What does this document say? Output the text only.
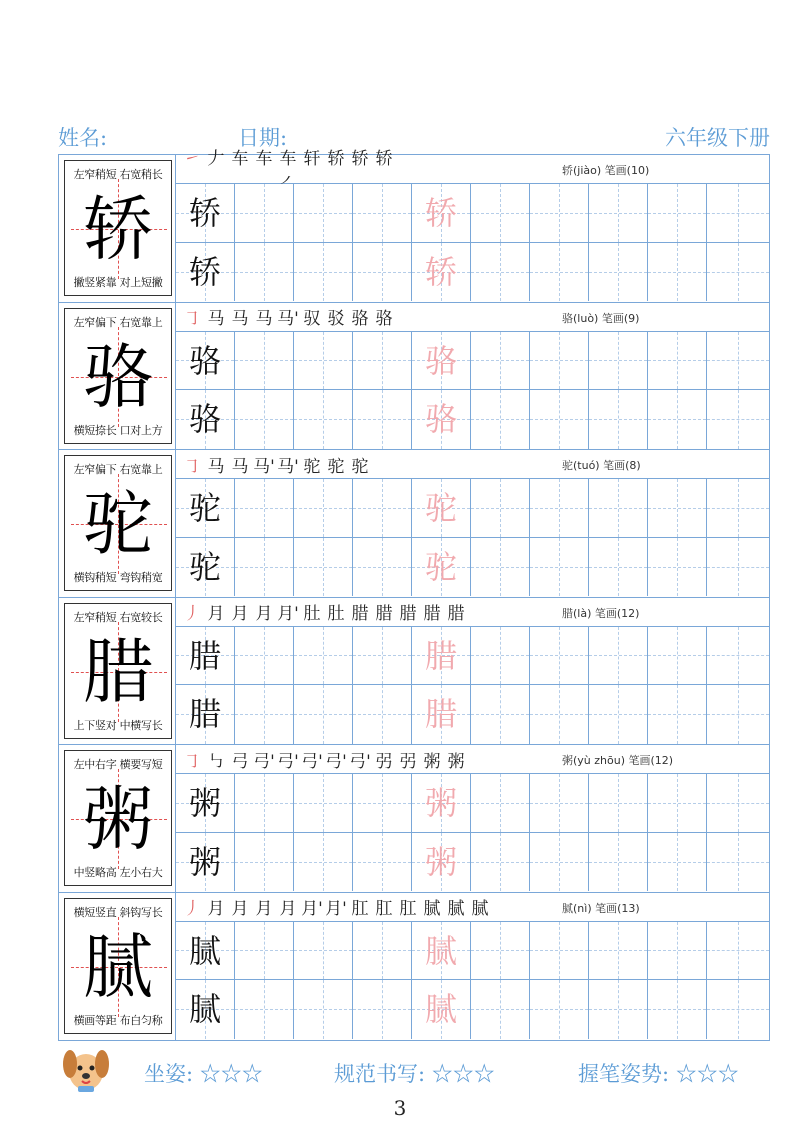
姓名:	日期:	六年级下册
左窄稍短 右宽稍长
轿
撇竖紧靠 对上短撇
㇀ 𠂇 车 车 车㇒
轩 轿 轿 轿
轿(jiào) 笔画(10)
轿	轿
轿	轿
左窄偏下 右宽靠上
骆
横短捺长 口对上方
㇆ 马 马 马 马' 驭 驳 骆 骆	骆(luò) 笔画(9)
骆	骆
骆	骆
左窄偏下 右宽靠上
驼
横钩稍短 弯钩稍宽
㇆ 马 马 马' 马' 驼 驼 驼	驼(tuó) 笔画(8)
驼	驼
驼	驼
左窄稍短 右宽较长
腊
上下竖对 中横写长
丿 月 月 月 月' 肚 肚 腊 腊 腊 腊 腊	腊(là) 笔画(12)
腊	腊
腊	腊
左中右字 横要写短
粥
中竖略高 左小右大
㇆ ㇉ 弓 弓' 弓' 弓' 弓' 弓' 弜 弜 粥 粥	粥(yù zhōu) 笔画(12)
粥	粥
粥	粥
横短竖直 斜钩写长
腻
横画等距 布白匀称
丿 月 月 月 月 月' 月' 肛 肛 肛 腻 腻 腻	腻(nì) 笔画(13)
腻	腻
腻	腻
坐姿: ☆☆☆	规范书写: ☆☆☆	握笔姿势: ☆☆☆
3
